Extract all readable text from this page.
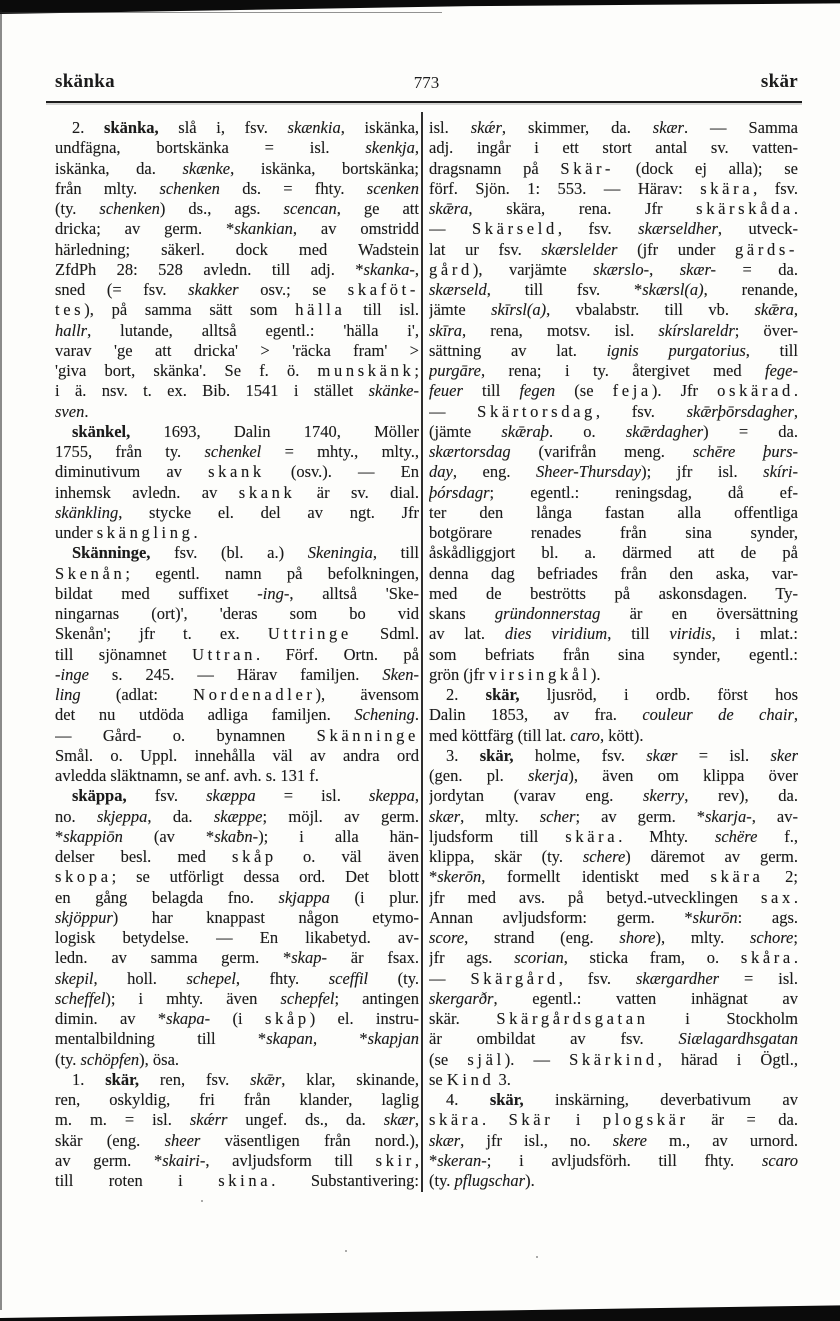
skänka	773	skär
2. skänka, slå i, fsv. skænkia, iskänka,
undfägna, bortskänka = isl. skenkja,
iskänka, da. skænke, iskänka, bortskänka;
från mlty. schenken ds. = fhty. scenken
(ty. schenken) ds., ags. scencan, ge att
dricka; av germ. *skankian, av omstridd
härledning; säkerl. dock med Wadstein
ZfdPh 28: 528 avledn. till adj. *skanka-,
sned (= fsv. skakker osv.; se skaföt-
tes), på samma sätt som hälla till isl.
hallr, lutande, alltså egentl.: 'hälla i',
varav 'ge att dricka' > 'räcka fram' >
'giva bort, skänka'. Se f. ö. munskänk;
i ä. nsv. t. ex. Bib. 1541 i stället skänke-
sven.
skänkel, 1693, Dalin 1740, Möller
1755, från ty. schenkel = mhty., mlty.,
diminutivum av skank (osv.). — En
inhemsk avledn. av skank är sv. dial.
skänkling, stycke el. del av ngt. Jfr
under skängling.
Skänninge, fsv. (bl. a.) Skeningia, till
Skenån; egentl. namn på befolkningen,
bildat med suffixet -ing-, alltså 'Ske-
ningarnas (ort)', 'deras som bo vid
Skenån'; jfr t. ex. Uttringe Sdml.
till sjönamnet Uttran. Förf. Ortn. på
-inge s. 245. — Härav familjen. Sken-
ling (adlat: Nordenadler), ävensom
det nu utdöda adliga familjen. Schening.
— Gård- o. bynamnen Skänninge
Smål. o. Uppl. innehålla väl av andra ord
avledda släktnamn, se anf. avh. s. 131 f.
skäppa, fsv. skæppa = isl. skeppa,
no. skjeppa, da. skæppe; möjl. av germ.
*skappiōn (av *skaƀn-); i alla hän-
delser besl. med skåp o. väl även
skopa; se utförligt dessa ord. Det blott
en gång belagda fno. skjappa (i plur.
skjöppur) har knappast någon etymo-
logisk betydelse. — En likabetyd. av-
ledn. av samma germ. *skap- är fsax.
skepil, holl. schepel, fhty. sceffil (ty.
scheffel); i mhty. även schepfel; antingen
dimin. av *skapa- (i skåp) el. instru-
mentalbildning till *skapan, *skapjan
(ty. schöpfen), ösa.
1. skär, ren, fsv. skǣr, klar, skinande,
ren, oskyldig, fri från klander, laglig
m. m. = isl. skǽrr ungef. ds., da. skær,
skär (eng. sheer väsentligen från nord.),
av germ. *skairi-, avljudsform till skir,
till roten i skina. Substantivering:
isl. skǽr, skimmer, da. skær. — Samma
adj. ingår i ett stort antal sv. vatten-
dragsnamn på Skär- (dock ej alla); se
förf. Sjön. 1: 553. — Härav: skära, fsv.
skǣra, skära, rena. Jfr skärskåda.
— Skärseld, fsv. skærseldher, utveck-
lat ur fsv. skærslelder (jfr under gärds-
gård), varjämte skærslo-, skær- = da.
skærseld, till fsv. *skærsl(a), renande,
jämte skīrsl(a), vbalabstr. till vb. skǣra,
skīra, rena, motsv. isl. skírslareldr; över-
sättning av lat. ignis purgatorius, till
purgāre, rena; i ty. återgivet med fege-
feuer till fegen (se feja). Jfr oskärad.
— Skärtorsdag, fsv. skǣrþōrsdagher,
(jämte skǣraþ. o. skǣrdagher) = da.
skærtorsdag (varifrån meng. schēre þurs-
day, eng. Sheer-Thursday); jfr isl. skíri-
þórsdagr; egentl.: reningsdag, då ef-
ter den långa fastan alla offentliga
botgörare renades från sina synder,
åskådliggjort bl. a. därmed att de på
denna dag befriades från den aska, var-
med de beströtts på askonsdagen. Ty-
skans gründonnerstag är en översättning
av lat. dies viridium, till viridis, i mlat.:
som befriats från sina synder, egentl.:
grön (jfr virsingkål).
2. skär, ljusröd, i ordb. först hos
Dalin 1853, av fra. couleur de chair,
med köttfärg (till lat. caro, kött).
3. skär, holme, fsv. skær = isl. sker
(gen. pl. skerja), även om klippa över
jordytan (varav eng. skerry, rev), da.
skær, mlty. scher; av germ. *skarja-, av-
ljudsform till skära. Mhty. schëre f.,
klippa, skär (ty. schere) däremot av germ.
*skerōn, formellt identiskt med skära 2;
jfr med avs. på betyd.-utvecklingen sax.
Annan avljudsform: germ. *skurōn: ags.
score, strand (eng. shore), mlty. schore;
jfr ags. scorian, sticka fram, o. skåra.
— Skärgård, fsv. skærgardher = isl.
skergarðr, egentl.: vatten inhägnat av
skär. Skärgårdsgatan i Stockholm
är ombildat av fsv. Siælagardhsgatan
(se själ). — Skärkind, härad i Ögtl.,
se Kind 3.
4. skär, inskärning, deverbativum av
skära. Skär i plogskär är = da.
skær, jfr isl., no. skere m., av urnord.
*skeran-; i avljudsförh. till fhty. scaro
(ty. pflugschar).
